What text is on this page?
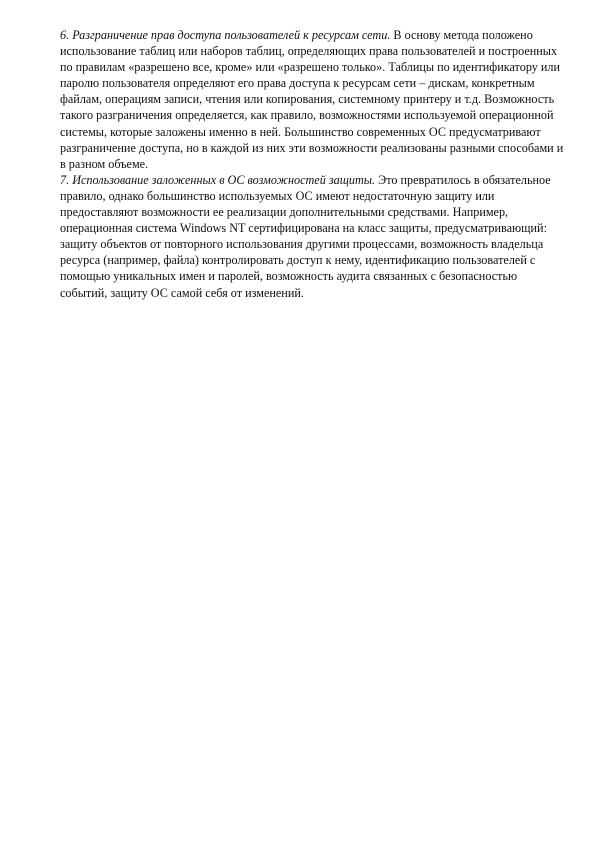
6. Разграничение прав доступа пользователей к ресурсам сети. В основу метода положено использование таблиц или наборов таблиц, определяющих права пользователей и построенных по правилам «разрешено все, кроме» или «разрешено только». Таблицы по идентификатору или паролю пользователя определяют его права доступа к ресурсам сети – дискам, конкретным файлам, операциям записи, чтения или копирования, системному принтеру и т.д. Возможность такого разграничения определяется, как правило, возможностями используемой операционной системы, которые заложены именно в ней. Большинство современных ОС предусматривают разграничение доступа, но в каждой из них эти возможности реализованы разными способами и в разном объеме.

7. Использование заложенных в ОС возможностей защиты. Это превратилось в обязательное правило, однако большинство используемых ОС имеют недостаточную защиту или предоставляют возможности ее реализации дополнительными средствами. Например, операционная система Windows NT сертифицирована на класс защиты, предусматривающий: защиту объектов от повторного использования другими процессами, возможность владельца ресурса (например, файла) контролировать доступ к нему, идентификацию пользователей с помощью уникальных имен и паролей, возможность аудита связанных с безопасностью событий, защиту ОС самой себя от изменений.
